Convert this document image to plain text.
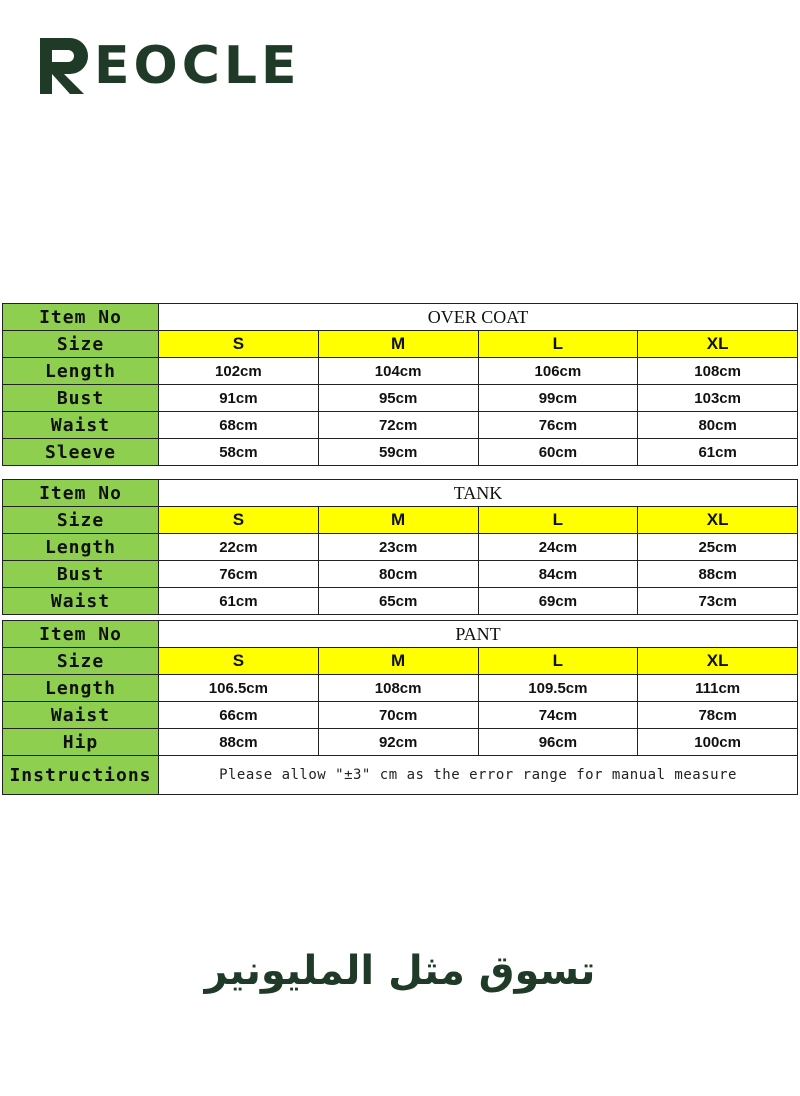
EOCLE
Item No	OVER COAT			
Size	S	M	L	XL
Length	102cm	104cm	106cm	108cm
Bust	91cm	95cm	99cm	103cm
Waist	68cm	72cm	76cm	80cm
Sleeve	58cm	59cm	60cm	61cm
Item No	TANK			
Size	S	M	L	XL
Length	22cm	23cm	24cm	25cm
Bust	76cm	80cm	84cm	88cm
Waist	61cm	65cm	69cm	73cm
Item No	PANT			
Size	S	M	L	XL
Length	106.5cm	108cm	109.5cm	111cm
Waist	66cm	70cm	74cm	78cm
Hip	88cm	92cm	96cm	100cm
Instructions	Please allow "±3" cm as the error range for manual measure			
تسوق مثل المليونير
